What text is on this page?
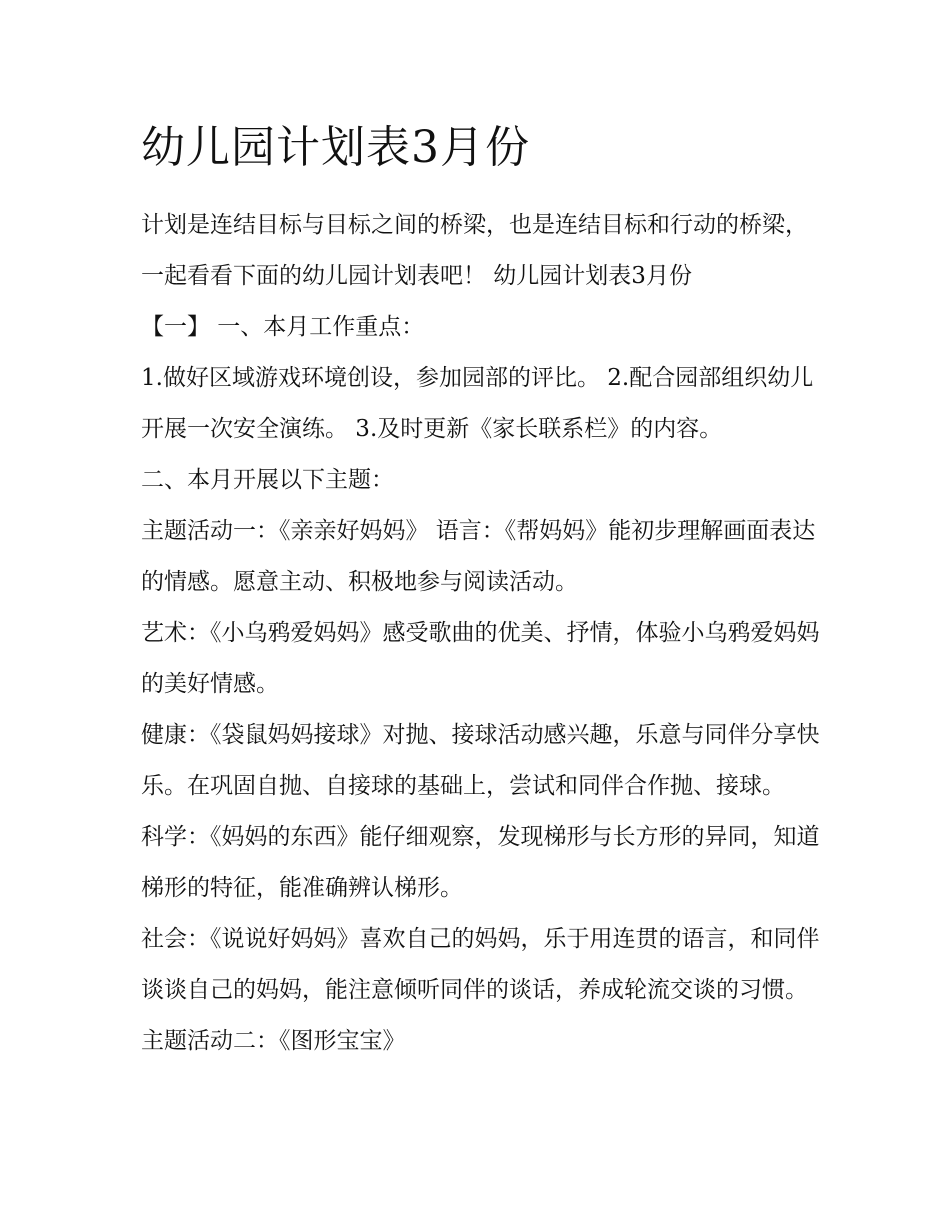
幼儿园计划表3月份

计划是连结目标与目标之间的桥梁，也是连结目标和行动的桥梁，一起看看下面的幼儿园计划表吧！ 幼儿园计划表3月份

【一】 一、本月工作重点：

1.做好区域游戏环境创设，参加园部的评比。 2.配合园部组织幼儿开展一次安全演练。 3.及时更新《家长联系栏》的内容。

二、本月开展以下主题：

主题活动一：《亲亲好妈妈》 语言：《帮妈妈》能初步理解画面表达的情感。愿意主动、积极地参与阅读活动。

艺术：《小乌鸦爱妈妈》感受歌曲的优美、抒情，体验小乌鸦爱妈妈的美好情感。

健康：《袋鼠妈妈接球》对抛、接球活动感兴趣，乐意与同伴分享快乐。在巩固自抛、自接球的基础上，尝试和同伴合作抛、接球。

科学：《妈妈的东西》能仔细观察，发现梯形与长方形的异同，知道梯形的特征，能准确辨认梯形。

社会：《说说好妈妈》喜欢自己的妈妈，乐于用连贯的语言，和同伴谈谈自己的妈妈，能注意倾听同伴的谈话，养成轮流交谈的习惯。 主题活动二：《图形宝宝》
